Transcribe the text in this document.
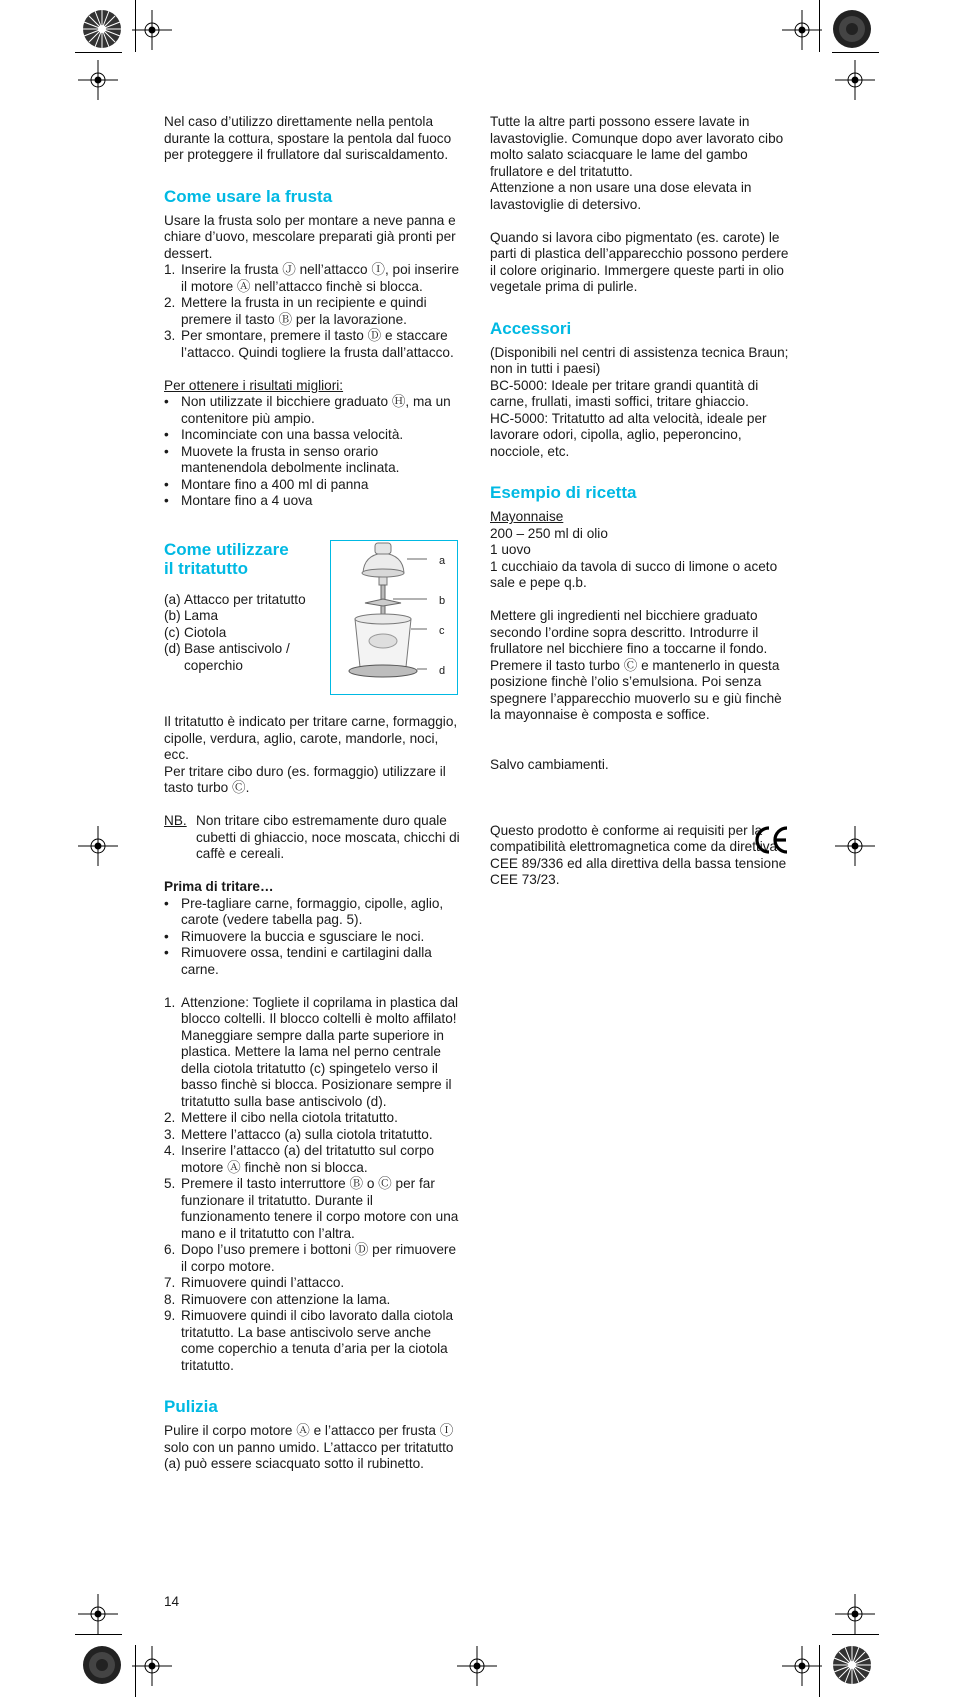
Nel caso d’utilizzo direttamente nella pentola durante la cottura, spostare la pentola dal fuoco per proteggere il frullatore dal suriscaldamento.

Come usare la frusta

Usare la frusta solo per montare a neve panna e chiare d’uovo, mescolare preparati già pronti per dessert.

1. Inserire la frusta Ⓙ nell’attacco Ⓘ, poi inserire il motore Ⓐ nell’attacco finchè si blocca.
2. Mettere la frusta in un recipiente e quindi premere il tasto Ⓑ per la lavorazione.
3. Per smontare, premere il tasto Ⓓ e staccare l’attacco. Quindi togliere la frusta dall’attacco.

Per ottenere i risultati migliori:

• Non utilizzate il bicchiere graduato Ⓗ, ma un contenitore più ampio.
• Incominciate con una bassa velocità.
• Muovete la frusta in senso orario mantenendola debolmente inclinata.
• Montare fino a 400 ml di panna
• Montare fino a 4 uova
a
b
c
d
Come utilizzare
il tritatutto
(a) Attacco per tritatutto
(b) Lama
(c) Ciotola
(d) Base antiscivolo / coperchio

Il tritatutto è indicato per tritare carne, formaggio, cipolle, verdura, aglio, carote, mandorle, noci, ecc.

Per tritare cibo duro (es. formaggio) utilizzare il tasto turbo Ⓒ.

NB. Non tritare cibo estremamente duro quale cubetti di ghiaccio, noce moscata, chicchi di caffè e cereali.

Prima di tritare…

• Pre-tagliare carne, formaggio, cipolle, aglio, carote (vedere tabella pag. 5).
• Rimuovere la buccia e sgusciare le noci.
• Rimuovere ossa, tendini e cartilagini dalla carne.
1. Attenzione: Togliete il coprilama in plastica dal blocco coltelli. Il blocco coltelli è molto affilato!
Maneggiare sempre dalla parte superiore in plastica. Mettere la lama nel perno centrale della ciotola tritatutto (c) spingetelo verso il basso finchè si blocca. Posizionare sempre il tritatutto sulla base antiscivolo (d).
2. Mettere il cibo nella ciotola tritatutto.
3. Mettere l’attacco (a) sulla ciotola tritatutto.
4. Inserire l’attacco (a) del tritatutto sul corpo motore Ⓐ finchè non si blocca.
5. Premere il tasto interruttore Ⓑ o Ⓒ per far funzionare il tritatutto. Durante il funzionamento tenere il corpo motore con una mano e il tritatutto con l’altra.
6. Dopo l’uso premere i bottoni Ⓓ per rimuovere il corpo motore.
7. Rimuovere quindi l’attacco.
8. Rimuovere con attenzione la lama.
9. Rimuovere quindi il cibo lavorato dalla ciotola tritatutto. La base antiscivolo serve anche come coperchio a tenuta d’aria per la ciotola tritatutto.
Pulizia

Pulire il corpo motore Ⓐ e l’attacco per frusta Ⓘ solo con un panno umido. L’attacco per tritatutto (a) può essere sciacquato sotto il rubinetto.

Tutte la altre parti possono essere lavate in lavastoviglie. Comunque dopo aver lavorato cibo molto salato sciacquare le lame del gambo frullatore e del tritatutto.

Attenzione a non usare una dose elevata in lavastoviglie di detersivo.

Quando si lavora cibo pigmentato (es. carote) le parti di plastica dell’apparecchio possono perdere il colore originario. Immergere queste parti in olio vegetale prima di pulirle.

Accessori

(Disponibili nel centri di assistenza tecnica Braun; non in tutti i paesi)

BC-5000: Ideale per tritare grandi quantità di carne, frullati, imasti soffici, tritare ghiaccio.

HC-5000: Tritatutto ad alta velocità, ideale per lavorare odori, cipolla, aglio, peperoncino, nocciole, etc.

Esempio di ricetta

Mayonnaise

200 – 250 ml di olio

1 uovo

1 cucchiaio da tavola di succo di limone o aceto

sale e pepe q.b.

Mettere gli ingredienti nel bicchiere graduato secondo l’ordine sopra descritto. Introdurre il frullatore nel bicchiere fino a toccarne il fondo. Premere il tasto turbo Ⓒ e mantenerlo in questa posizione finchè l’olio s’emulsiona. Poi senza spegnere l’apparecchio muoverlo su e giù finchè la mayonnaise è composta e soffice.

Salvo cambiamenti.

Questo prodotto è conforme ai requisiti per la compatibilità elettromagnetica come da direttiva CEE 89/336 ed alla direttiva della bassa tensione CEE 73/23.

14
